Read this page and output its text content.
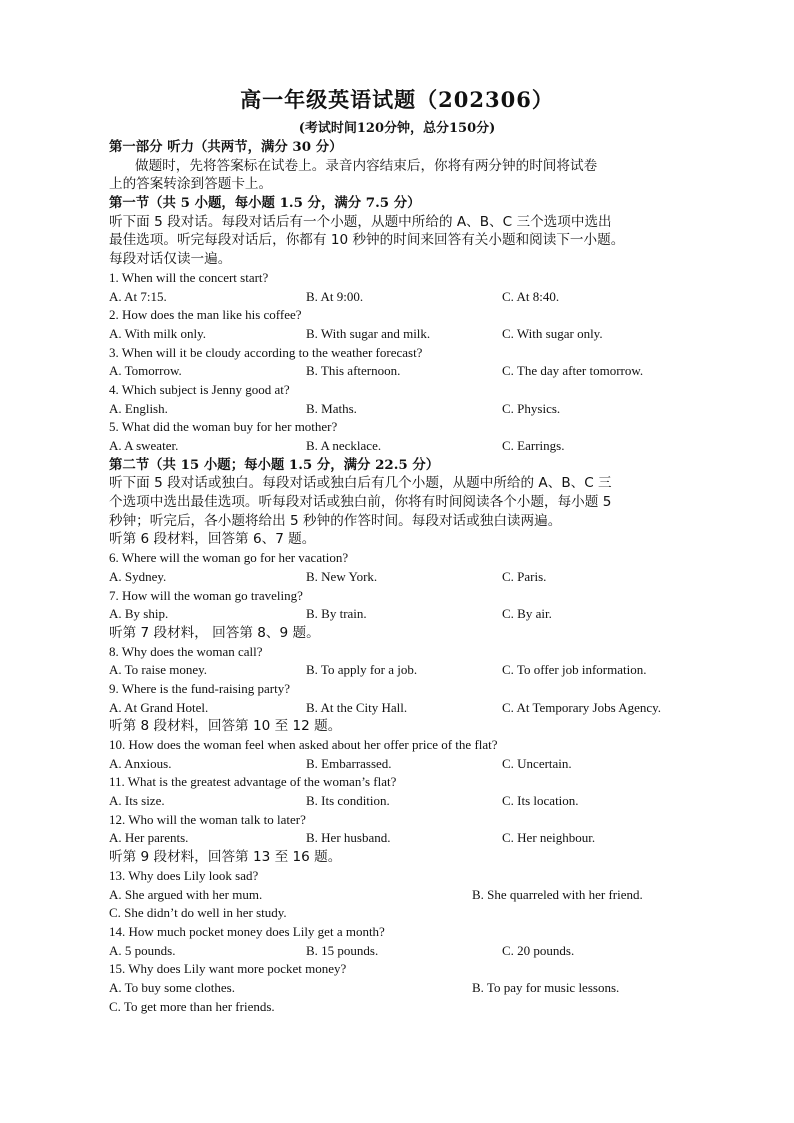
高一年级英语试题（202306）
(考试时间120分钟，总分150分)
第一部分 听力（共两节，满分 30 分）
做题时，先将答案标在试卷上。录音内容结束后，你将有两分钟的时间将试卷
上的答案转涂到答题卡上。
第一节（共 5 小题，每小题 1.5 分，满分 7.5 分）
听下面 5 段对话。每段对话后有一个小题，从题中所给的 A、B、C 三个选项中选出
最佳选项。听完每段对话后，你都有 10 秒钟的时间来回答有关小题和阅读下一小题。
每段对话仅读一遍。
1. When will the concert start?
A. At 7:15.	B. At 9:00.	C. At 8:40.
2. How does the man like his coffee?
A. With milk only.	B. With sugar and milk.	C. With sugar only.
3. When will it be cloudy according to the weather forecast?
A. Tomorrow.	B. This afternoon.	C. The day after tomorrow.
4. Which subject is Jenny good at?
A. English.	B. Maths.	C. Physics.
5. What did the woman buy for her mother?
A. A sweater.	B. A necklace.	C. Earrings.
第二节（共 15 小题；每小题 1.5 分，满分 22.5 分）
听下面 5 段对话或独白。每段对话或独白后有几个小题，从题中所给的 A、B、C 三
个选项中选出最佳选项。听每段对话或独白前，你将有时间阅读各个小题，每小题 5
秒钟；听完后，各小题将给出 5 秒钟的作答时间。每段对话或独白读两遍。
听第 6 段材料，回答第 6、7 题。
6. Where will the woman go for her vacation?
A. Sydney.	B. New York.	C. Paris.
7. How will the woman go traveling?
A. By ship.	B. By train.	C. By air.
听第 7 段材料， 回答第 8、9 题。
8. Why does the woman call?
A. To raise money.	B. To apply for a job.	C. To offer job information.
9. Where is the fund-raising party?
A. At Grand Hotel.	B. At the City Hall.	C. At Temporary Jobs Agency.
听第 8 段材料，回答第 10 至 12 题。
10. How does the woman feel when asked about her offer price of the flat?
A. Anxious.	B. Embarrassed.	C. Uncertain.
11. What is the greatest advantage of the woman’s flat?
A. Its size.	B. Its condition.	C. Its location.
12. Who will the woman talk to later?
A. Her parents.	B. Her husband.	C. Her neighbour.
听第 9 段材料，回答第 13 至 16 题。
13. Why does Lily look sad?
A. She argued with her mum.	B. She quarreled with her friend.
C. She didn’t do well in her study.
14. How much pocket money does Lily get a month?
A. 5 pounds.	B. 15 pounds.	C. 20 pounds.
15. Why does Lily want more pocket money?
A. To buy some clothes.	B. To pay for music lessons.
C. To get more than her friends.
